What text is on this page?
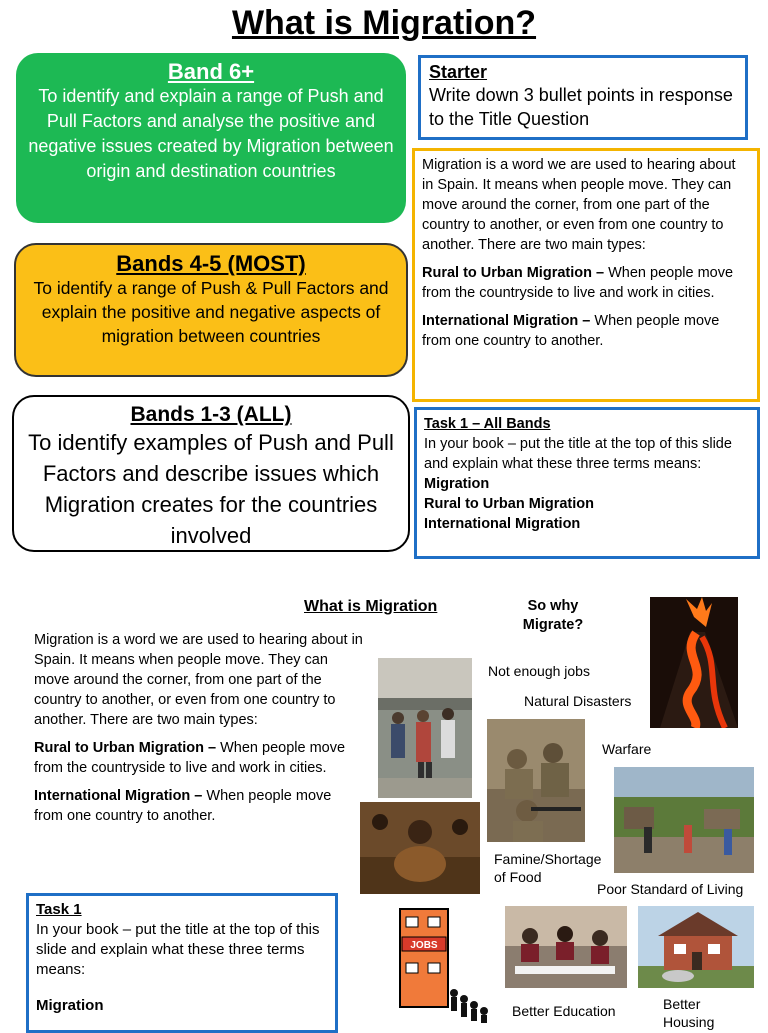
What is Migration?
Band 6+

To identify and explain a range of Push and Pull Factors and analyse the positive and negative issues created by Migration between origin and destination countries

Bands 4-5 (MOST)

To identify a range of Push & Pull Factors and explain the positive and negative aspects of migration between countries

Bands 1-3 (ALL)

To identify examples of Push and Pull Factors and describe issues which Migration creates for the countries involved

Starter
Write down 3 bullet points in response to the Title Question

Migration is a word we are used to hearing about in Spain. It means when people move. They can move around the corner, from one part of the country to another, or even from one country to another. There are two main types:

Rural to Urban Migration – When people move from the countryside to live and work in cities.

International Migration – When people move from one country to another.

Task 1 – All Bands
In your book – put the title at the top of this slide and explain what these three terms means:
Migration
Rural to Urban Migration
International Migration
What is Migration	So why Migrate?

Migration is a word we are used to hearing about in Spain. It means when people move. They can move around the corner, from one part of the country to another, or even from one country to another. There are two main types:

Rural to Urban Migration – When people move from the countryside to live and work in cities.

International Migration – When people move from one country to another.

Task 1
In your book – put the title at the top of this slide and explain what these three terms means:
Migration
Not enough jobs
Natural Disasters
Warfare
Famine/Shortage of Food
Poor Standard of Living
JOBS
Better Education	Better Housing
